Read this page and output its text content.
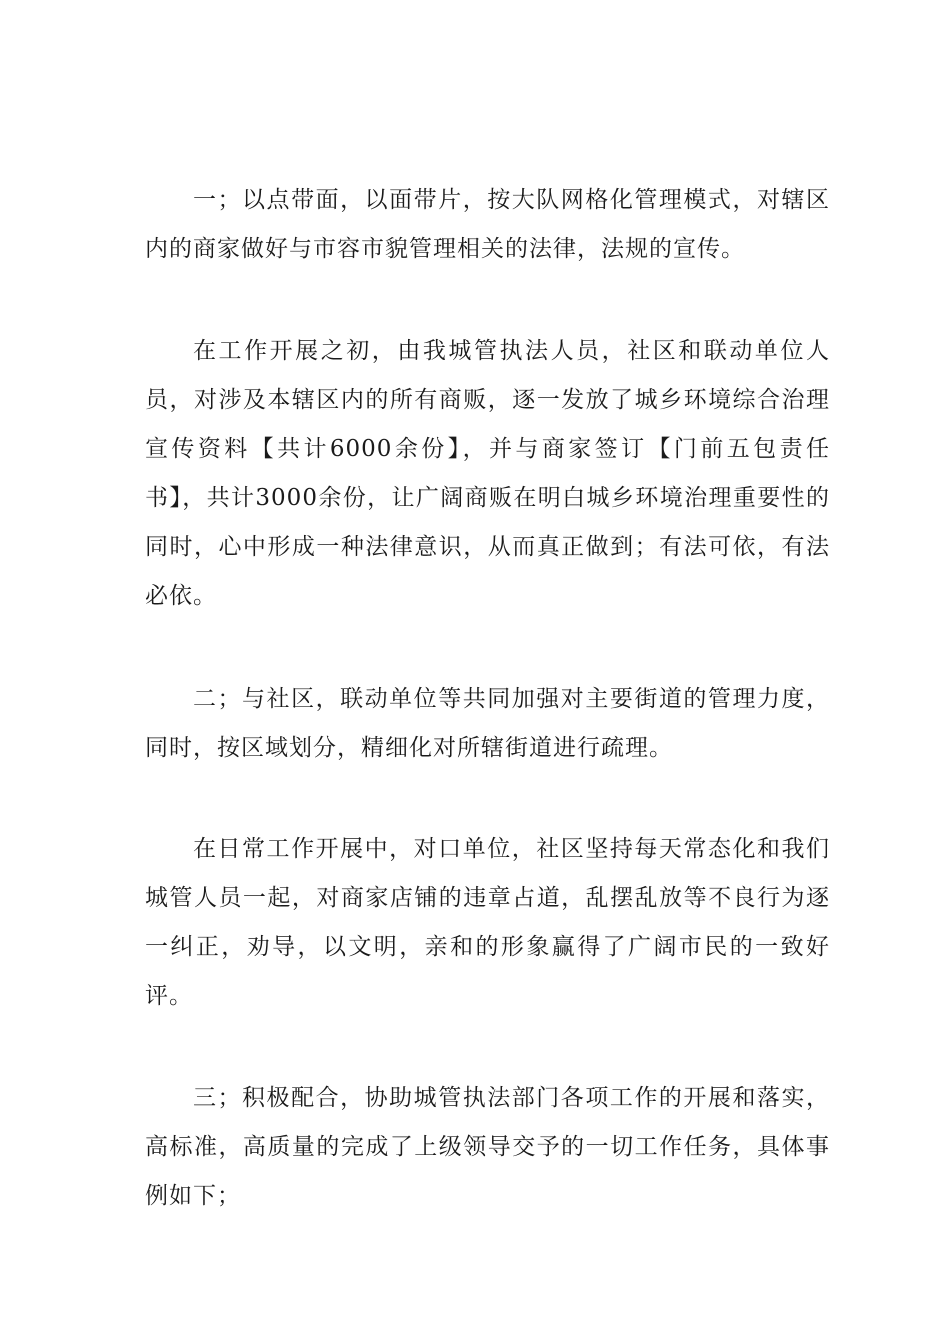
一；以点带面，以面带片，按大队网格化管理模式，对辖区内的商家做好与市容市貌管理相关的法律，法规的宣传。

在工作开展之初，由我城管执法人员，社区和联动单位人员，对涉及本辖区内的所有商贩，逐一发放了城乡环境综合治理宣传资料【共计6000余份】，并与商家签订【门前五包责任书】，共计3000余份，让广阔商贩在明白城乡环境治理重要性的同时，心中形成一种法律意识，从而真正做到；有法可依，有法必依。

二；与社区，联动单位等共同加强对主要街道的管理力度，同时，按区域划分，精细化对所辖街道进行疏理。

在日常工作开展中，对口单位，社区坚持每天常态化和我们城管人员一起，对商家店铺的违章占道，乱摆乱放等不良行为逐一纠正，劝导，以文明，亲和的形象赢得了广阔市民的一致好评。

三；积极配合，协助城管执法部门各项工作的开展和落实，高标准，高质量的完成了上级领导交予的一切工作任务，具体事例如下；
